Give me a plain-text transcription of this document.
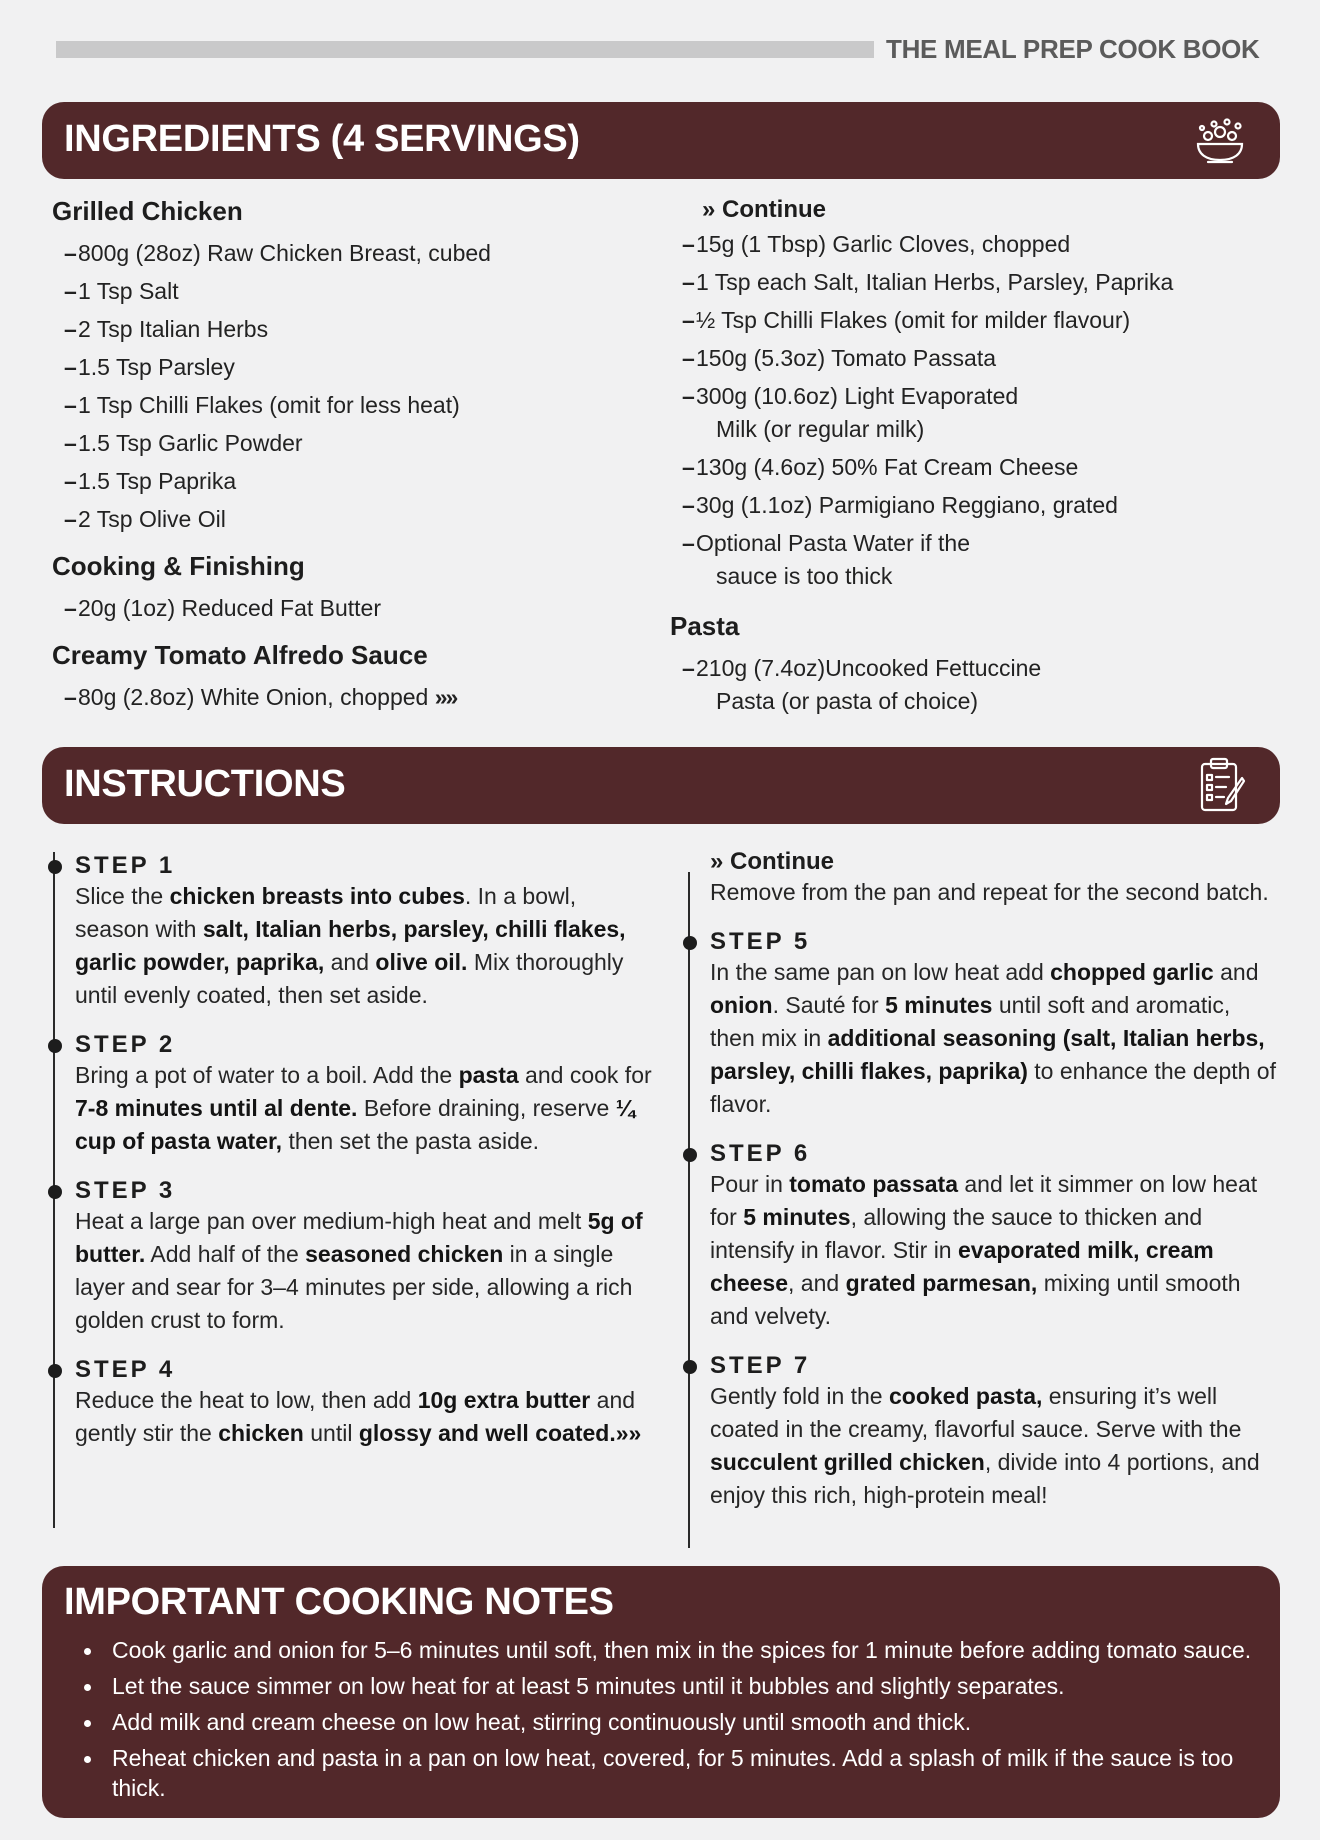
THE MEAL PREP COOK BOOK
INGREDIENTS (4 SERVINGS)
Grilled Chicken
– 800g (28oz) Raw Chicken Breast, cubed
– 1 Tsp Salt
– 2 Tsp Italian Herbs
– 1.5 Tsp Parsley
– 1 Tsp Chilli Flakes (omit for less heat)
– 1.5 Tsp Garlic Powder
– 1.5 Tsp Paprika
– 2 Tsp Olive Oil
Cooking & Finishing
– 20g (1oz) Reduced Fat Butter
Creamy Tomato Alfredo Sauce
– 80g (2.8oz) White Onion, chopped »»
» Continue
– 15g (1 Tbsp) Garlic Cloves, chopped
– 1 Tsp each Salt, Italian Herbs, Parsley, Paprika
– ½ Tsp Chilli Flakes (omit for milder flavour)
– 150g (5.3oz) Tomato Passata
– 300g (10.6oz) Light Evaporated Milk (or regular milk)
– 130g (4.6oz) 50% Fat Cream Cheese
– 30g (1.1oz) Parmigiano Reggiano, grated
– Optional Pasta Water if the sauce is too thick
Pasta
– 210g (7.4oz)Uncooked Fettuccine Pasta (or pasta of choice)
INSTRUCTIONS
STEP 1
Slice the chicken breasts into cubes. In a bowl, season with salt, Italian herbs, parsley, chilli flakes, garlic powder, paprika, and olive oil. Mix thoroughly until evenly coated, then set aside.
STEP 2
Bring a pot of water to a boil. Add the pasta and cook for 7-8 minutes until al dente. Before draining, reserve ¼ cup of pasta water, then set the pasta aside.
STEP 3
Heat a large pan over medium-high heat and melt 5g of butter. Add half of the seasoned chicken in a single layer and sear for 3–4 minutes per side, allowing a rich golden crust to form.
STEP 4
Reduce the heat to low, then add 10g extra butter and gently stir the chicken until glossy and well coated.»»
» Continue
Remove from the pan and repeat for the second batch.
STEP 5
In the same pan on low heat add chopped garlic and onion. Sauté for 5 minutes until soft and aromatic, then mix in additional seasoning (salt, Italian herbs, parsley, chilli flakes, paprika) to enhance the depth of flavor.
STEP 6
Pour in tomato passata and let it simmer on low heat for 5 minutes, allowing the sauce to thicken and intensify in flavor. Stir in evaporated milk, cream cheese, and grated parmesan, mixing until smooth and velvety.
STEP 7
Gently fold in the cooked pasta, ensuring it’s well coated in the creamy, flavorful sauce. Serve with the succulent grilled chicken, divide into 4 portions, and enjoy this rich, high-protein meal!
IMPORTANT COOKING NOTES
Cook garlic and onion for 5–6 minutes until soft, then mix in the spices for 1 minute before adding tomato sauce.
Let the sauce simmer on low heat for at least 5 minutes until it bubbles and slightly separates.
Add milk and cream cheese on low heat, stirring continuously until smooth and thick.
Reheat chicken and pasta in a pan on low heat, covered, for 5 minutes. Add a splash of milk if the sauce is too thick.
